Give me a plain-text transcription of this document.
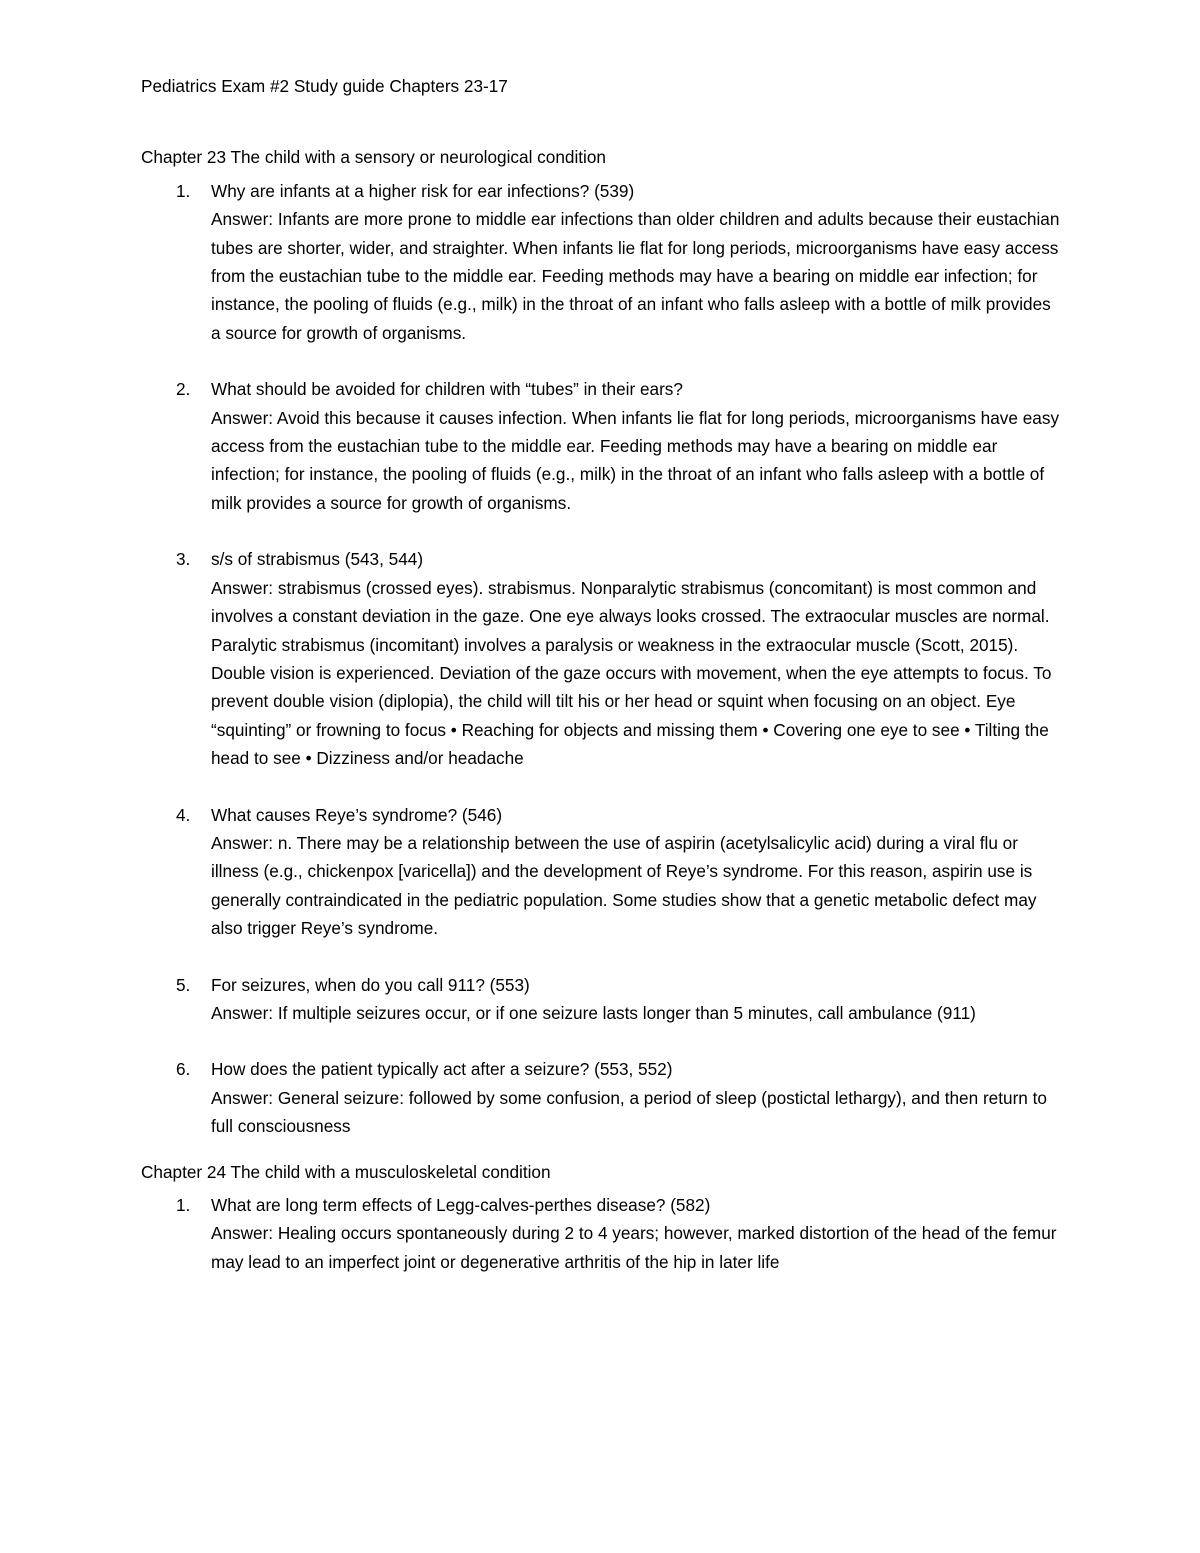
Pediatrics Exam #2 Study guide Chapters 23-17

Chapter 23 The child with a sensory or neurological condition

1. Why are infants at a higher risk for ear infections? (539)
Answer: Infants are more prone to middle ear infections than older children and adults because their eustachian tubes are shorter, wider, and straighter. When infants lie flat for long periods, microorganisms have easy access from the eustachian tube to the middle ear. Feeding methods may have a bearing on middle ear infection; for instance, the pooling of fluids (e.g., milk) in the throat of an infant who falls asleep with a bottle of milk provides a source for growth of organisms.
2. What should be avoided for children with “tubes” in their ears?
Answer: Avoid this because it causes infection. When infants lie flat for long periods, microorganisms have easy access from the eustachian tube to the middle ear. Feeding methods may have a bearing on middle ear infection; for instance, the pooling of fluids (e.g., milk) in the throat of an infant who falls asleep with a bottle of milk provides a source for growth of organisms.
3. s/s of strabismus (543, 544)
Answer: strabismus (crossed eyes). strabismus. Nonparalytic strabismus (concomitant) is most common and involves a constant deviation in the gaze. One eye always looks crossed. The extraocular muscles are normal. Paralytic strabismus (incomitant) involves a paralysis or weakness in the extraocular muscle (Scott, 2015). Double vision is experienced. Deviation of the gaze occurs with movement, when the eye attempts to focus. To prevent double vision (diplopia), the child will tilt his or her head or squint when focusing on an object. Eye “squinting” or frowning to focus • Reaching for objects and missing them • Covering one eye to see • Tilting the head to see • Dizziness and/or headache
4. What causes Reye’s syndrome? (546)
Answer: n. There may be a relationship between the use of aspirin (acetylsalicylic acid) during a viral flu or illness (e.g., chickenpox [varicella]) and the development of Reye’s syndrome. For this reason, aspirin use is generally contraindicated in the pediatric population. Some studies show that a genetic metabolic defect may also trigger Reye’s syndrome.
5. For seizures, when do you call 911? (553)
Answer: If multiple seizures occur, or if one seizure lasts longer than 5 minutes, call ambulance (911)
6. How does the patient typically act after a seizure? (553, 552)
Answer: General seizure: followed by some confusion, a period of sleep (postictal lethargy), and then return to full consciousness

Chapter 24 The child with a musculoskeletal condition

1. What are long term effects of Legg-calves-perthes disease? (582)
Answer: Healing occurs spontaneously during 2 to 4 years; however, marked distortion of the head of the femur may lead to an imperfect joint or degenerative arthritis of the hip in later life
